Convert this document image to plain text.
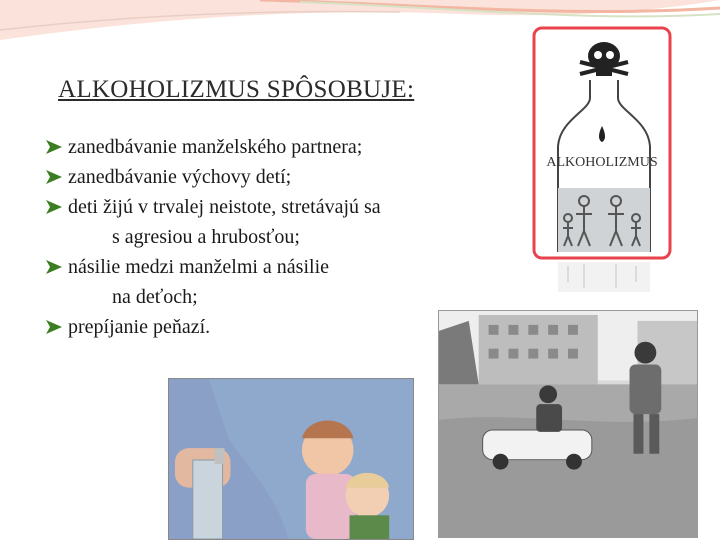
ALKOHOLIZMUS SPÔSOBUJE:
zanedbávanie manželského partnera;
zanedbávanie výchovy detí;
deti žijú v trvalej neistote, stretávajú sa
s agresiou a hrubosťou;
násilie medzi manželmi a násilie
na deťoch;
prepíjanie peňazí.
ALKOHOLIZMUS
